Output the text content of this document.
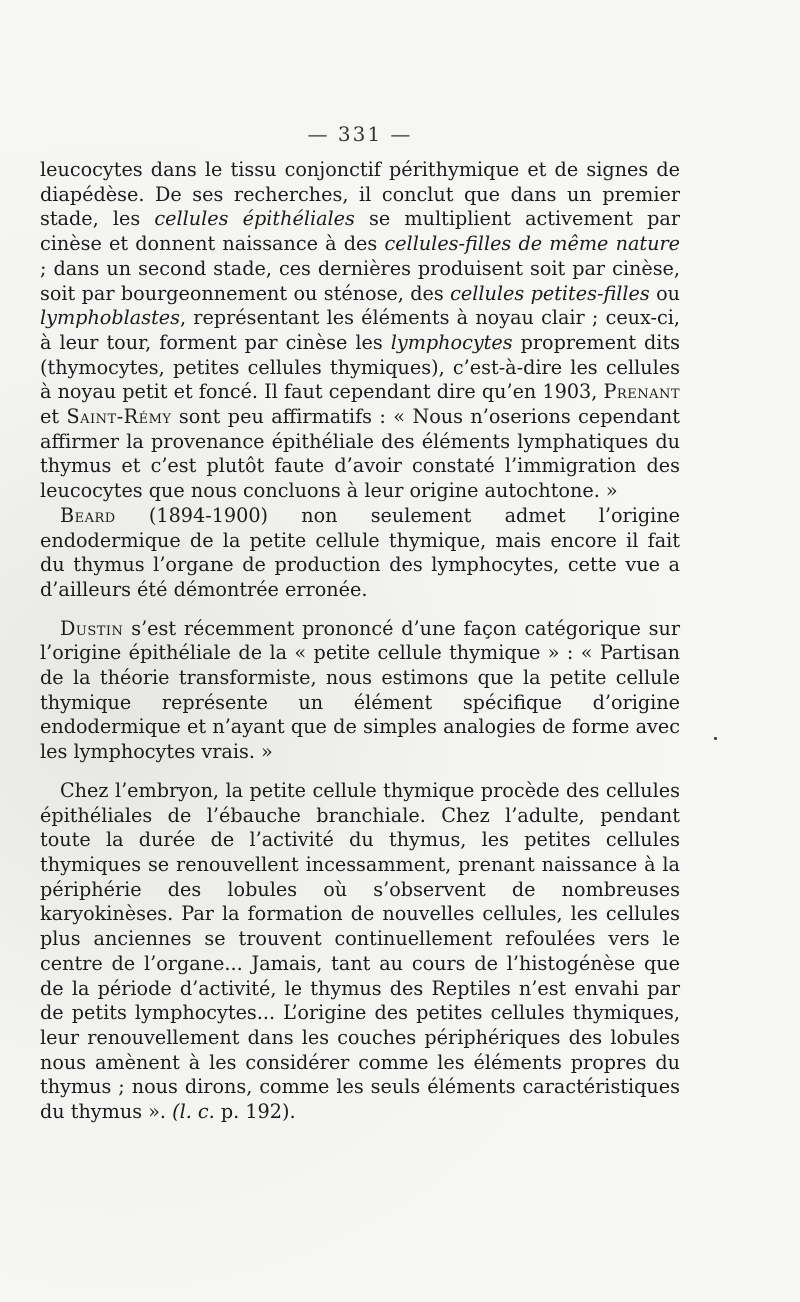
— 331 —

leucocytes dans le tissu conjonctif périthymique et de signes de diapédèse. De ses recherches, il conclut que dans un premier stade, les cellules épithéliales se multiplient activement par cinèse et donnent naissance à des cellules-filles de même nature ; dans un second stade, ces dernières produisent soit par cinèse, soit par bourgeonnement ou sténose, des cellules petites-filles ou lymphoblastes, représentant les éléments à noyau clair ; ceux-ci, à leur tour, forment par cinèse les lymphocytes proprement dits (thymocytes, petites cellules thymiques), c’est-à-dire les cellules à noyau petit et foncé. Il faut cependant dire qu’en 1903, Prenant et Saint-Rémy sont peu affirmatifs : « Nous n’oserions cependant affirmer la provenance épithéliale des éléments lymphatiques du thymus et c’est plutôt faute d’avoir constaté l’immigration des leucocytes que nous concluons à leur origine autochtone. »

Beard (1894-1900) non seulement admet l’origine endodermique de la petite cellule thymique, mais encore il fait du thymus l’organe de production des lymphocytes, cette vue a d’ailleurs été démontrée erronée.

Dustin s’est récemment prononcé d’une façon catégorique sur l’origine épithéliale de la « petite cellule thymique » : « Partisan de la théorie transformiste, nous estimons que la petite cellule thymique représente un élément spécifique d’origine endodermique et n’ayant que de simples analogies de forme avec les lymphocytes vrais. »

Chez l’embryon, la petite cellule thymique procède des cellules épithéliales de l’ébauche branchiale. Chez l’adulte, pendant toute la durée de l’activité du thymus, les petites cellules thymiques se renouvellent incessamment, prenant naissance à la périphérie des lobules où s’observent de nombreuses karyokinèses. Par la formation de nouvelles cellules, les cellules plus anciennes se trouvent continuellement refoulées vers le centre de l’organe... Jamais, tant au cours de l’histogénèse que de la période d’activité, le thymus des Reptiles n’est envahi par de petits lymphocytes... L’origine des petites cellules thymiques, leur renouvellement dans les couches périphériques des lobules nous amènent à les considérer comme les éléments propres du thymus ; nous dirons, comme les seuls éléments caractéristiques du thymus ». (l. c. p. 192).
